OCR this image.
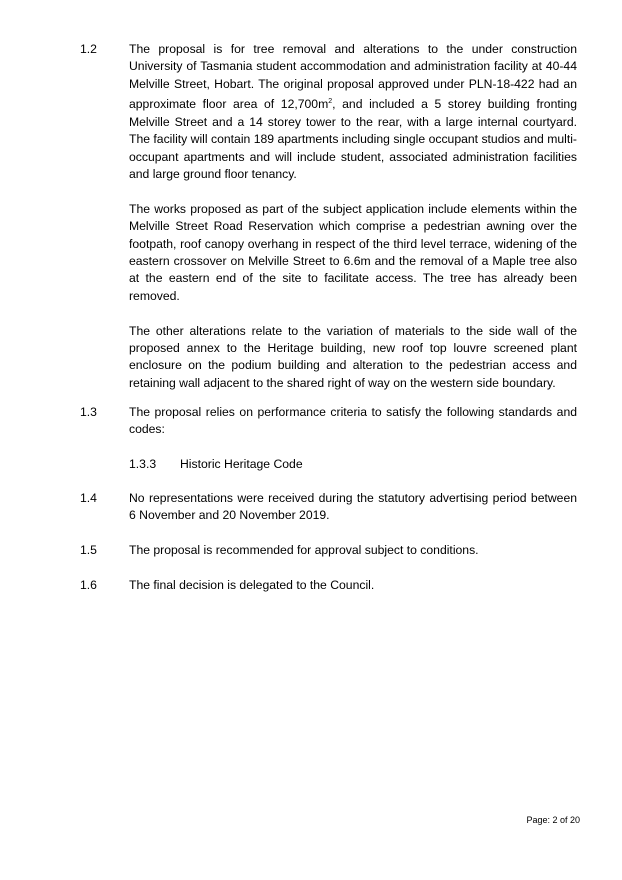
1.2	The proposal is for tree removal and alterations to the under construction University of Tasmania student accommodation and administration facility at 40-44 Melville Street, Hobart. The original proposal approved under PLN-18-422 had an approximate floor area of $12,700m^2$, and included a 5 storey building fronting Melville Street and a 14 storey tower to the rear, with a large internal courtyard. The facility will contain 189 apartments including single occupant studios and multi-occupant apartments and will include student, associated administration facilities and large ground floor tenancy.

The works proposed as part of the subject application include elements within the Melville Street Road Reservation which comprise a pedestrian awning over the footpath, roof canopy overhang in respect of the third level terrace, widening of the eastern crossover on Melville Street to 6.6m and the removal of a Maple tree also at the eastern end of the site to facilitate access. The tree has already been removed.

The other alterations relate to the variation of materials to the side wall of the proposed annex to the Heritage building, new roof top louvre screened plant enclosure on the podium building and alteration to the pedestrian access and retaining wall adjacent to the shared right of way on the western side boundary.

1.3	The proposal relies on performance criteria to satisfy the following standards and codes:
1.3.3 Historic Heritage Code
1.4	No representations were received during the statutory advertising period between 6 November and 20 November 2019.
1.5	The proposal is recommended for approval subject to conditions.
1.6	The final decision is delegated to the Council.
Page: 2 of 20
